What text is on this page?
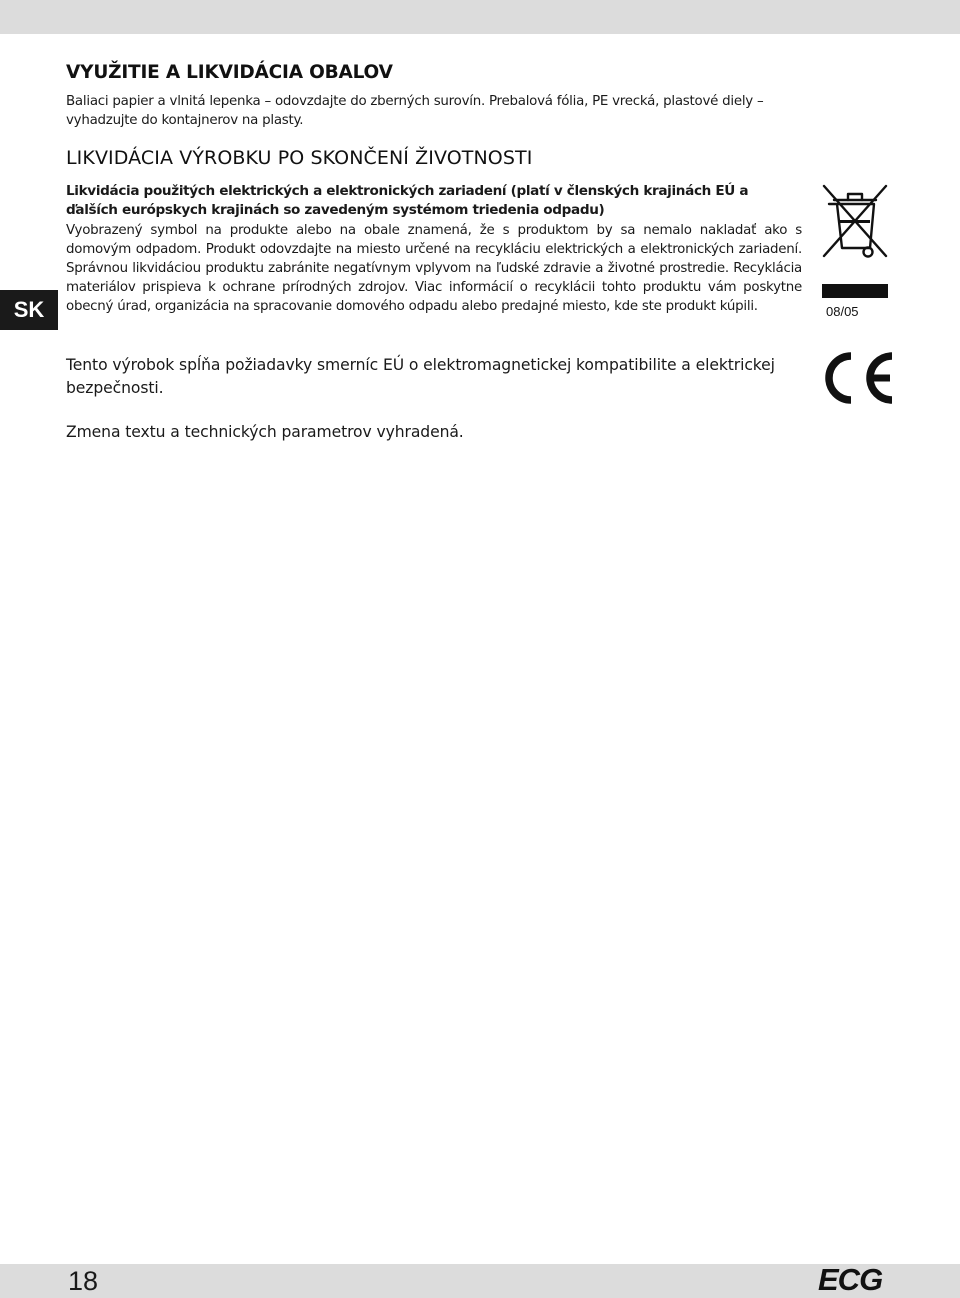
SK
VYUŽITIE A LIKVIDÁCIA OBALOV

Baliaci papier a vlnitá lepenka – odovzdajte do zberných surovín. Prebalová fólia, PE vrecká, plastové diely – vyhadzujte do kontajnerov na plasty.

LIKVIDÁCIA VÝROBKU PO SKONČENÍ ŽIVOTNOSTI

Likvidácia použitých elektrických a elektronických zariadení (platí v členských krajinách EÚ a ďalších európskych krajinách so zavedeným systémom triedenia odpadu)

Vyobrazený symbol na produkte alebo na obale znamená, že s produktom by sa nemalo nakladať ako s domovým odpadom. Produkt odovzdajte na miesto určené na recykláciu elektrických a elektronických zariadení. Správnou likvidáciou produktu zabránite negatívnym vplyvom na ľudské zdravie a životné prostredie. Recyklácia materiálov prispieva k ochrane prírodných zdrojov. Viac informácií o recyklácii tohto produktu vám poskytne obecný úrad, organizácia na spracovanie domového odpadu alebo predajné miesto, kde ste produkt kúpili.	08/05

Tento výrobok spĺňa požiadavky smerníc EÚ o elektromagnetickej kompatibilite a elektrickej bezpečnosti.

Zmena textu a technických parametrov vyhradená.

18	ECG
